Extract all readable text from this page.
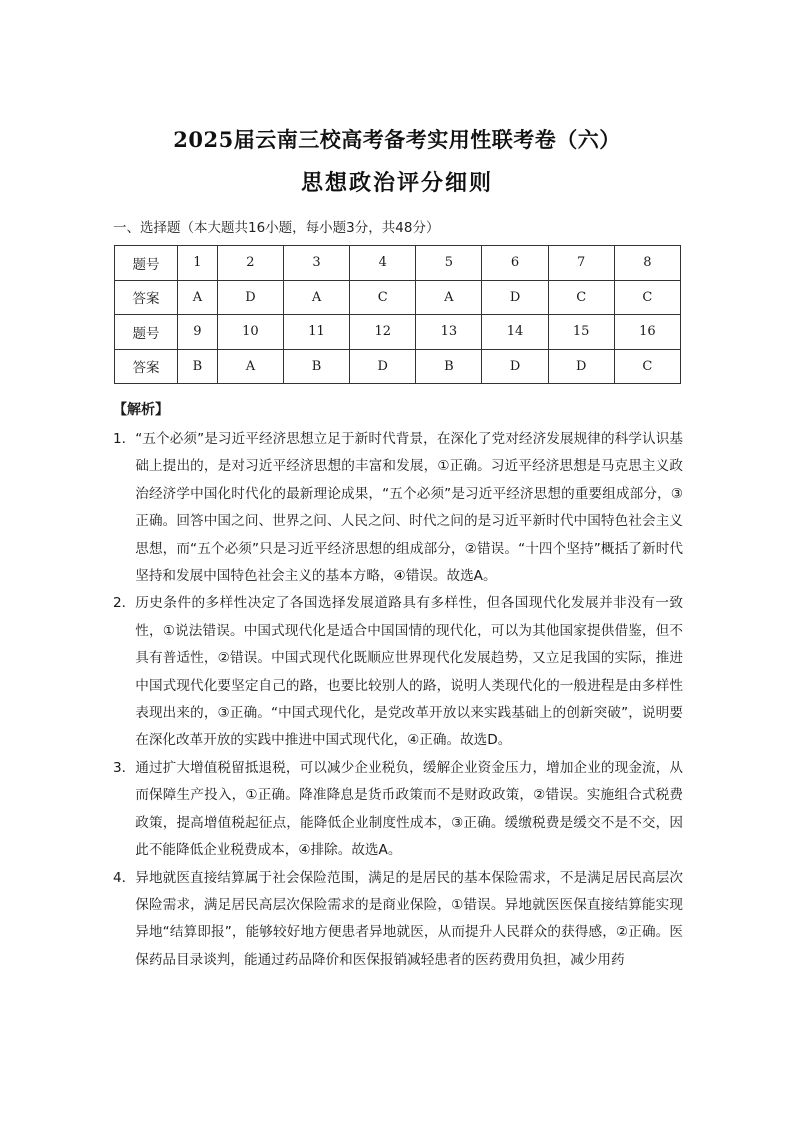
2025届云南三校高考备考实用性联考卷（六）
思想政治评分细则
一、选择题（本大题共16小题，每小题3分，共48分）
题号	1	2	3	4	5	6	7	8
答案	A	D	A	C	A	D	C	C
题号	9	10	11	12	13	14	15	16
答案	B	A	B	D	B	D	D	C
【解析】
1． “五个必须”是习近平经济思想立足于新时代背景，在深化了党对经济发展规律的科学认识基础上提出的，是对习近平经济思想的丰富和发展，①正确。习近平经济思想是马克思主义政治经济学中国化时代化的最新理论成果，“五个必须”是习近平经济思想的重要组成部分，③正确。回答中国之问、世界之问、人民之问、时代之问的是习近平新时代中国特色社会主义思想，而“五个必须”只是习近平经济思想的组成部分，②错误。“十四个坚持”概括了新时代坚持和发展中国特色社会主义的基本方略，④错误。故选A。
2． 历史条件的多样性决定了各国选择发展道路具有多样性，但各国现代化发展并非没有一致性，①说法错误。中国式现代化是适合中国国情的现代化，可以为其他国家提供借鉴，但不具有普适性，②错误。中国式现代化既顺应世界现代化发展趋势，又立足我国的实际，推进中国式现代化要坚定自己的路，也要比较别人的路，说明人类现代化的一般进程是由多样性表现出来的，③正确。“中国式现代化，是党改革开放以来实践基础上的创新突破”，说明要在深化改革开放的实践中推进中国式现代化，④正确。故选D。
3． 通过扩大增值税留抵退税，可以减少企业税负，缓解企业资金压力，增加企业的现金流，从而保障生产投入，①正确。降准降息是货币政策而不是财政政策，②错误。实施组合式税费政策，提高增值税起征点，能降低企业制度性成本，③正确。缓缴税费是缓交不是不交，因此不能降低企业税费成本，④排除。故选A。
4． 异地就医直接结算属于社会保险范围，满足的是居民的基本保险需求，不是满足居民高层次保险需求，满足居民高层次保险需求的是商业保险，①错误。异地就医医保直接结算能实现异地“结算即报”，能够较好地方便患者异地就医，从而提升人民群众的获得感，②正确。医保药品目录谈判，能通过药品降价和医保报销减轻患者的医药费用负担，减少用药
